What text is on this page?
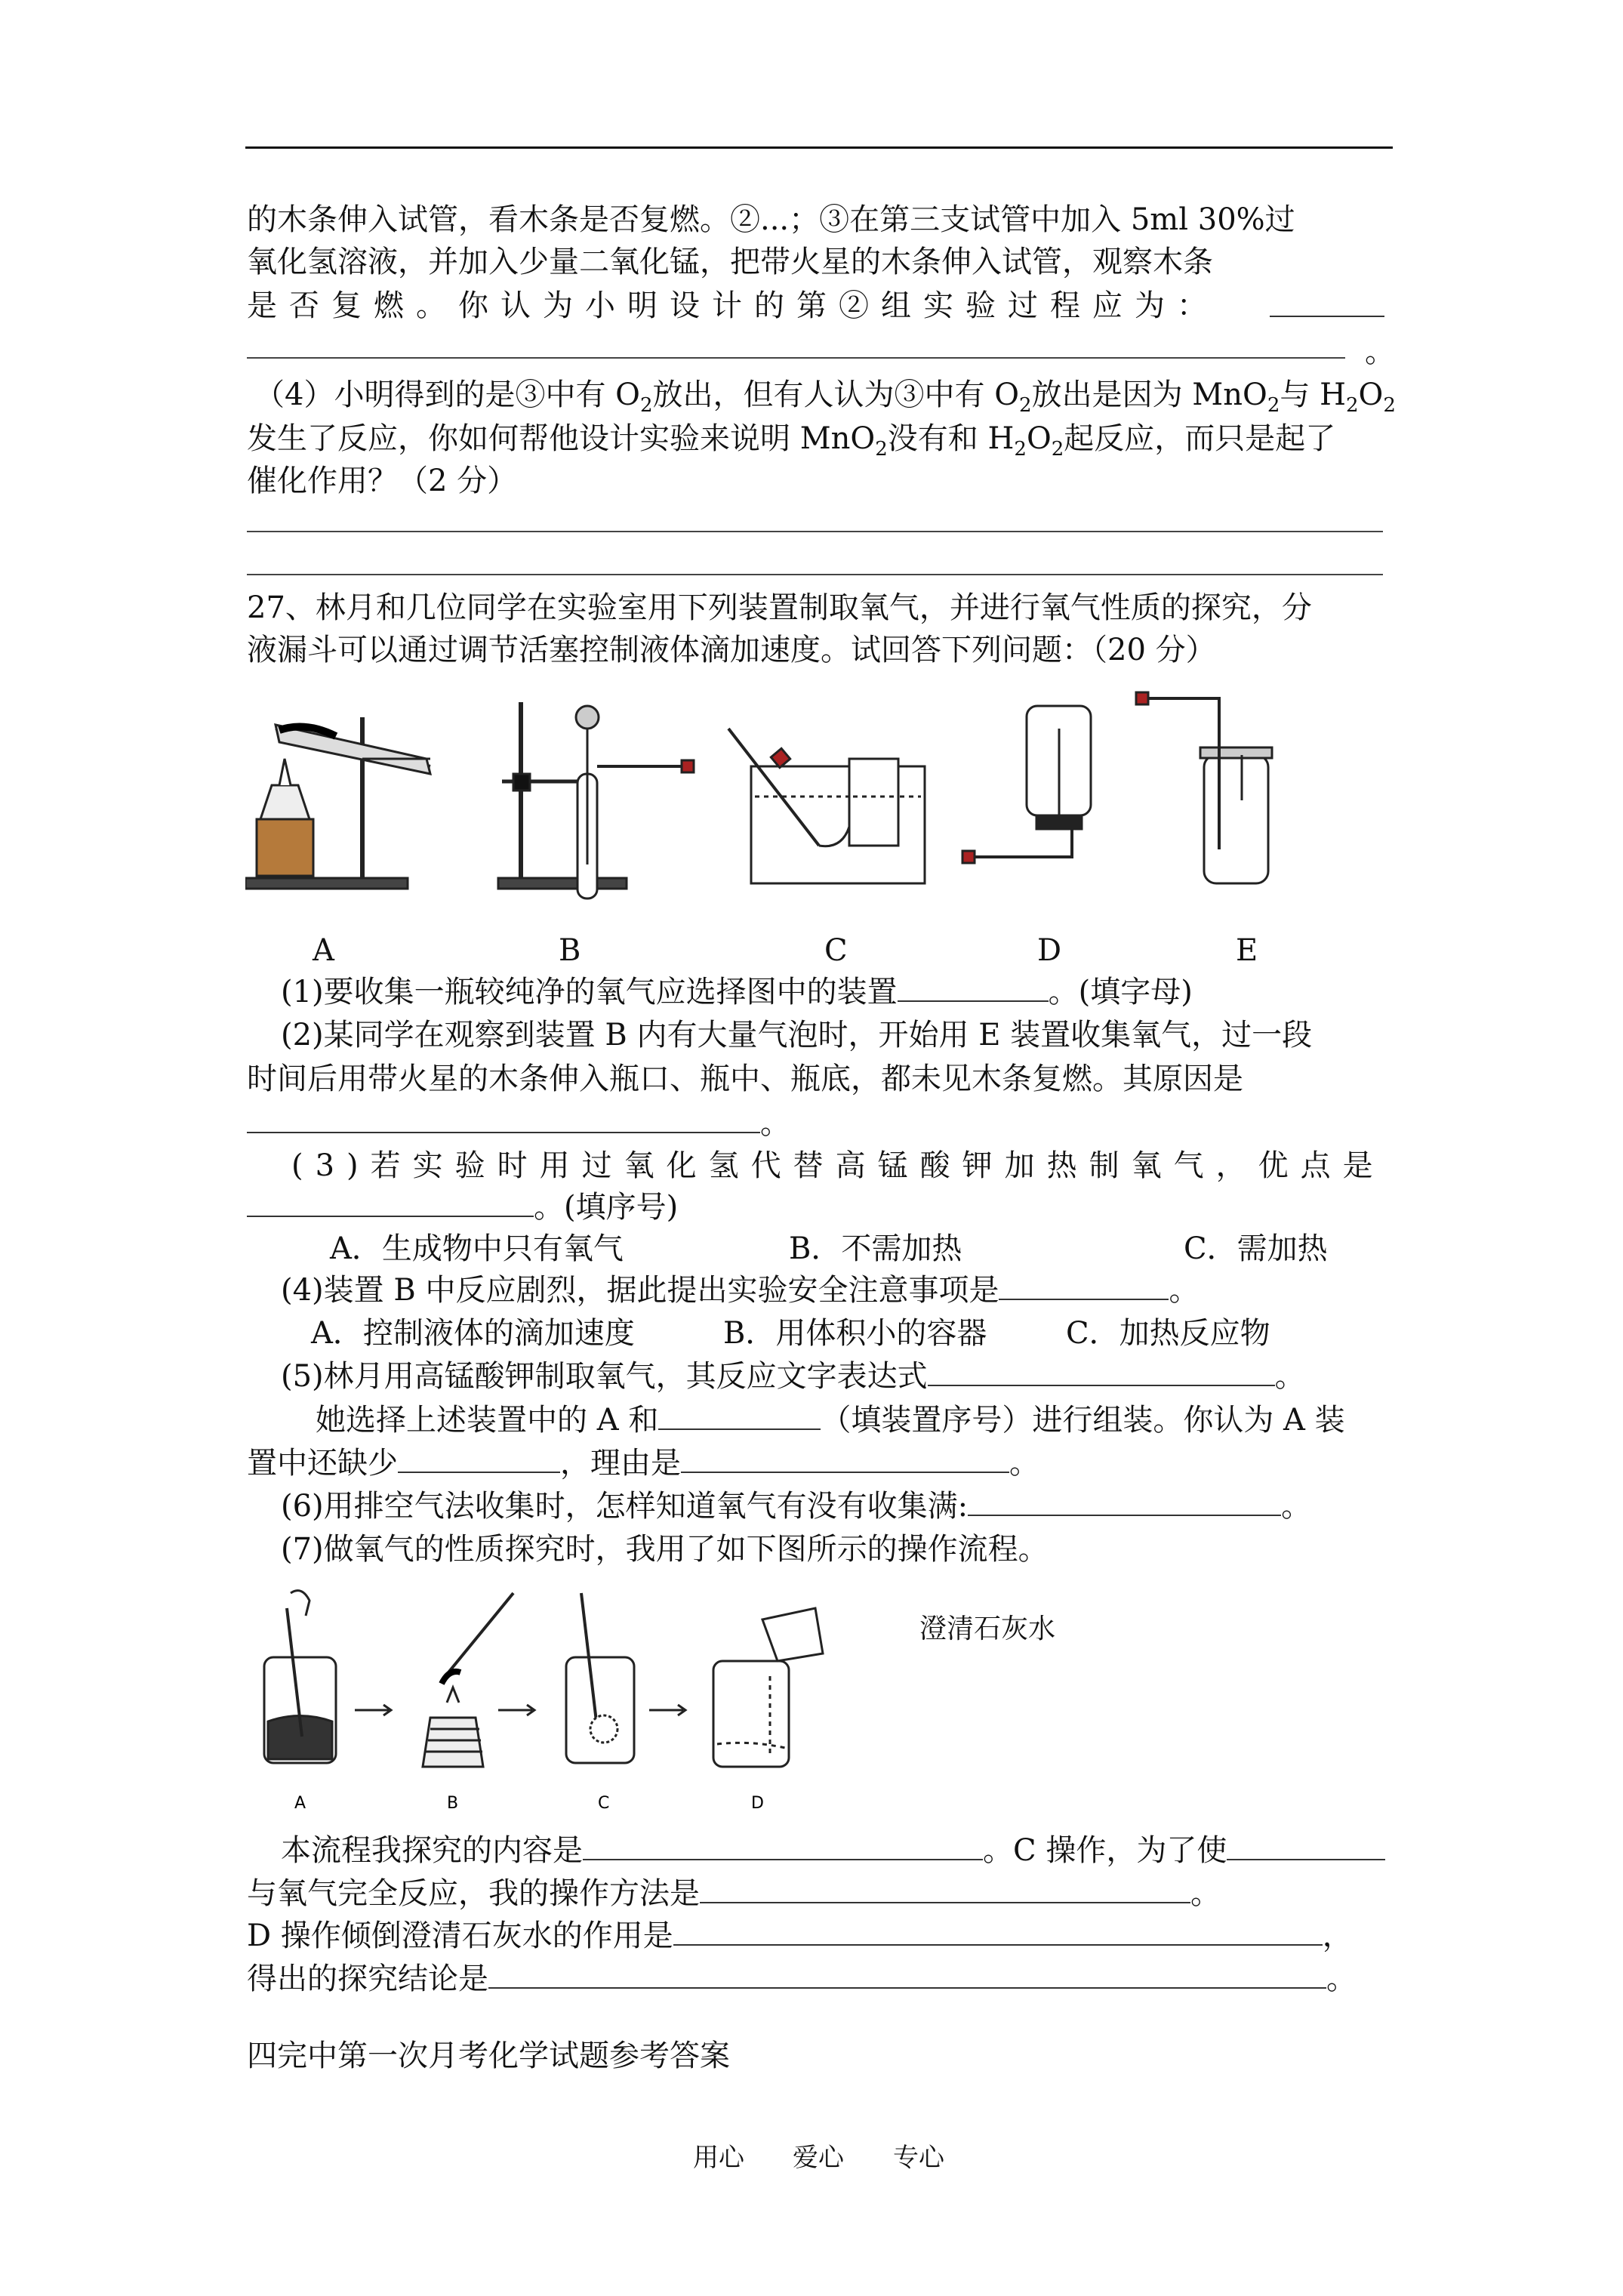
的木条伸入试管，看木条是否复燃。②...；③在第三支试管中加入 5ml 30%过
氧化氢溶液，并加入少量二氧化锰，把带火星的木条伸入试管，观察木条
是否复燃。你认为小明设计的第②组实验过程应为：
。
（4）小明得到的是③中有 $O_2$放出，但有人认为③中有 $O_2$放出是因为 MnO$_2$与 $H_2O_2$
发生了反应，你如何帮他设计实验来说明 MnO$_2$没有和 $H_2O_2$起反应，而只是起了
催化作用？（2 分）
27、林月和几位同学在实验室用下列装置制取氧气，并进行氧气性质的探究，分
液漏斗可以通过调节活塞控制液体滴加速度。试回答下列问题：（20 分）
A	B	C	D	E
(1)要收集一瓶较纯净的氧气应选择图中的装置	。(填字母)
(2)某同学在观察到装置 B 内有大量气泡时，开始用 E 装置收集氧气，过一段
时间后用带火星的木条伸入瓶口、瓶中、瓶底，都未见木条复燃。其原因是
。
(3)若实验时用过氧化氢代替高锰酸钾加热制氧气，优点是
。(填序号)
A．生成物中只有氧气	B．不需加热	C．需加热
(4)装置 B 中反应剧烈，据此提出实验安全注意事项是	。
A．控制液体的滴加速度	B．用体积小的容器	C．加热反应物
(5)林月用高锰酸钾制取氧气，其反应文字表达式	。
她选择上述装置中的 A 和	（填装置序号）进行组装。你认为 A 装
置中还缺少	，理由是	。
(6)用排空气法收集时，怎样知道氧气有没有收集满:	。
(7)做氧气的性质探究时，我用了如下图所示的操作流程。
A	B	C	D
澄清石灰水
本流程我探究的内容是	。C 操作，为了使
与氧气完全反应，我的操作方法是	。
D 操作倾倒澄清石灰水的作用是	，
得出的探究结论是	。
四完中第一次月考化学试题参考答案
用心 爱心 专心
